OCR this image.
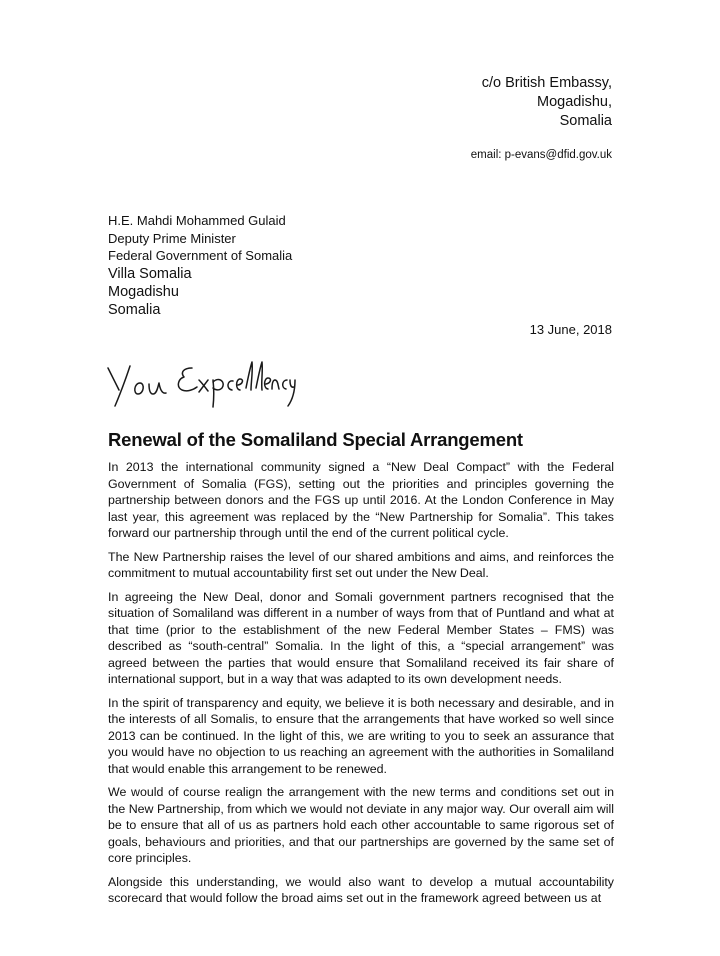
c/o British Embassy,
Mogadishu,
Somalia
email: p-evans@dfid.gov.uk
H.E. Mahdi Mohammed Gulaid
Deputy Prime Minister
Federal Government of Somalia
Villa Somalia
Mogadishu
Somalia
13 June, 2018
Renewal of the Somaliland Special Arrangement

In 2013 the international community signed a “New Deal Compact” with the Federal Government of Somalia (FGS), setting out the priorities and principles governing the partnership between donors and the FGS up until 2016. At the London Conference in May last year, this agreement was replaced by the “New Partnership for Somalia”. This takes forward our partnership through until the end of the current political cycle.

The New Partnership raises the level of our shared ambitions and aims, and reinforces the commitment to mutual accountability first set out under the New Deal.

In agreeing the New Deal, donor and Somali government partners recognised that the situation of Somaliland was different in a number of ways from that of Puntland and what at that time (prior to the establishment of the new Federal Member States – FMS) was described as “south-central” Somalia. In the light of this, a “special arrangement” was agreed between the parties that would ensure that Somaliland received its fair share of international support, but in a way that was adapted to its own development needs.

In the spirit of transparency and equity, we believe it is both necessary and desirable, and in the interests of all Somalis, to ensure that the arrangements that have worked so well since 2013 can be continued. In the light of this, we are writing to you to seek an assurance that you would have no objection to us reaching an agreement with the authorities in Somaliland that would enable this arrangement to be renewed.

We would of course realign the arrangement with the new terms and conditions set out in the New Partnership, from which we would not deviate in any major way. Our overall aim will be to ensure that all of us as partners hold each other accountable to same rigorous set of goals, behaviours and priorities, and that our partnerships are governed by the same set of core principles.

Alongside this understanding, we would also want to develop a mutual accountability scorecard that would follow the broad aims set out in the framework agreed between us at
